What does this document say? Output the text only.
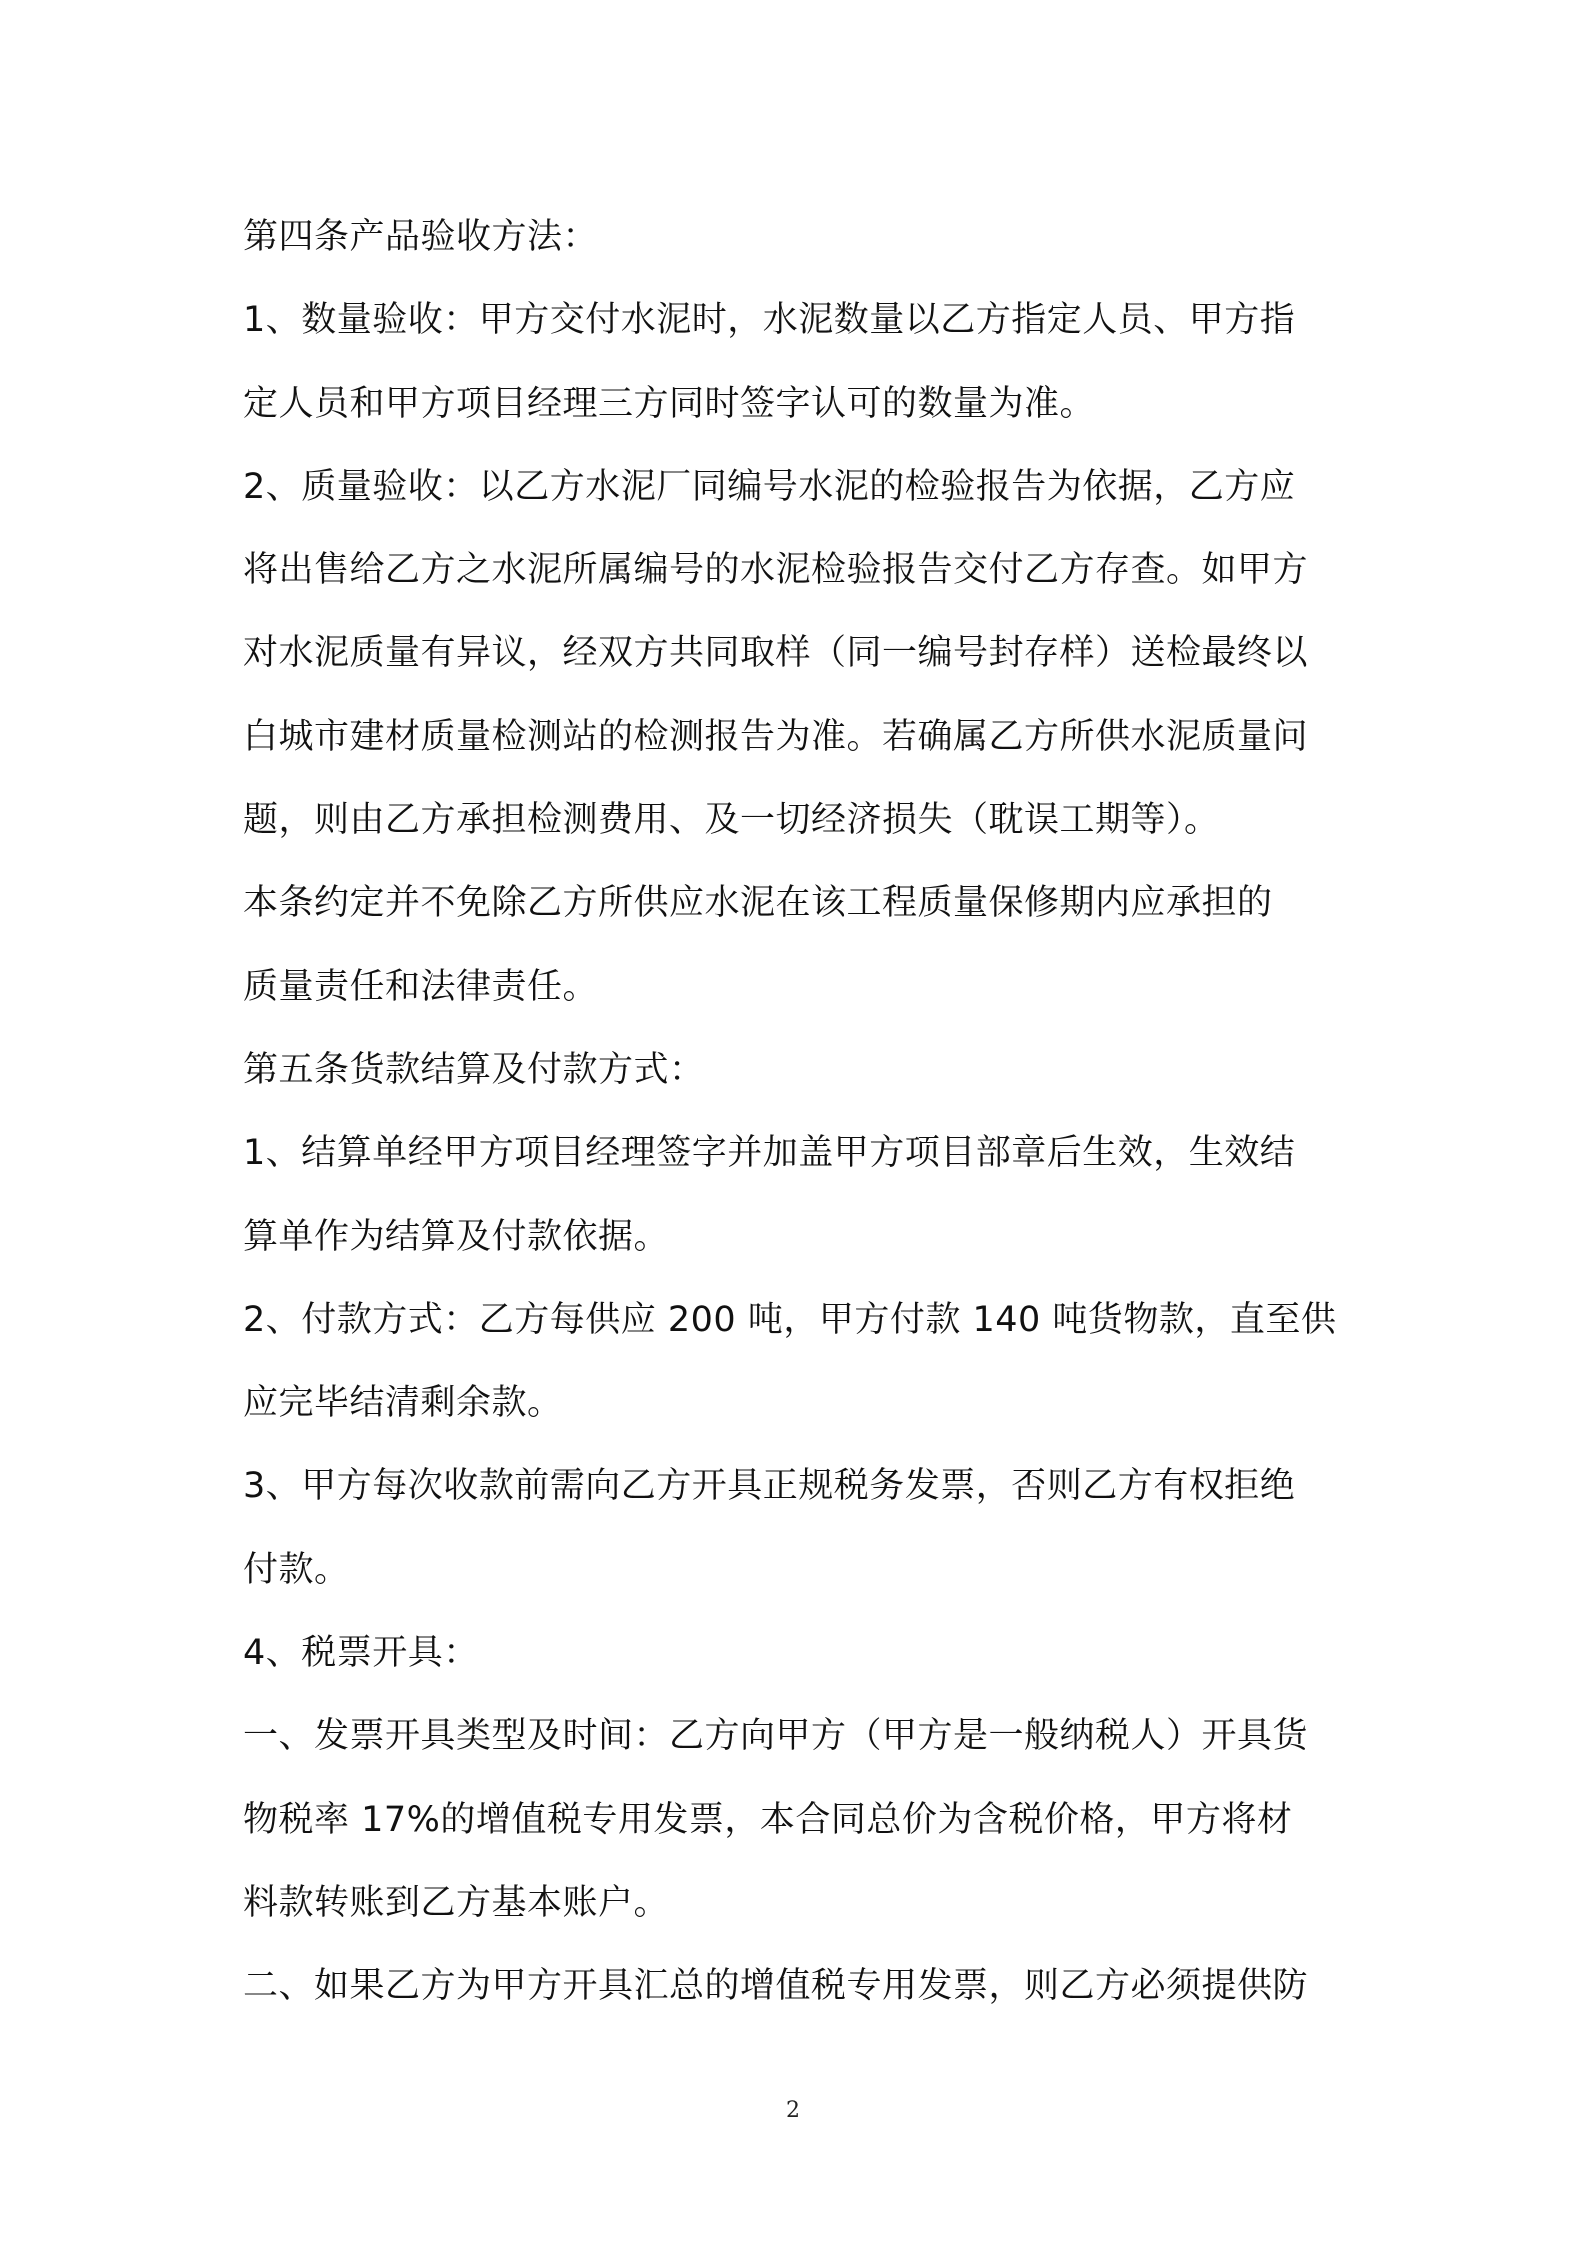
第四条产品验收方法：
1、数量验收：甲方交付水泥时，水泥数量以乙方指定人员、甲方指
定人员和甲方项目经理三方同时签字认可的数量为准。
2、质量验收：以乙方水泥厂同编号水泥的检验报告为依据，乙方应
将出售给乙方之水泥所属编号的水泥检验报告交付乙方存查。如甲方
对水泥质量有异议，经双方共同取样（同一编号封存样）送检最终以
白城市建材质量检测站的检测报告为准。若确属乙方所供水泥质量问
题，则由乙方承担检测费用、及一切经济损失（耽误工期等）。
本条约定并不免除乙方所供应水泥在该工程质量保修期内应承担的
质量责任和法律责任。
第五条货款结算及付款方式：
1、结算单经甲方项目经理签字并加盖甲方项目部章后生效，生效结
算单作为结算及付款依据。
2、付款方式：乙方每供应 200 吨，甲方付款 140 吨货物款，直至供
应完毕结清剩余款。
3、甲方每次收款前需向乙方开具正规税务发票，否则乙方有权拒绝
付款。
4、税票开具：
一、发票开具类型及时间：乙方向甲方（甲方是一般纳税人）开具货
物税率 17%的增值税专用发票，本合同总价为含税价格，甲方将材
料款转账到乙方基本账户。
二、如果乙方为甲方开具汇总的增值税专用发票，则乙方必须提供防
2
